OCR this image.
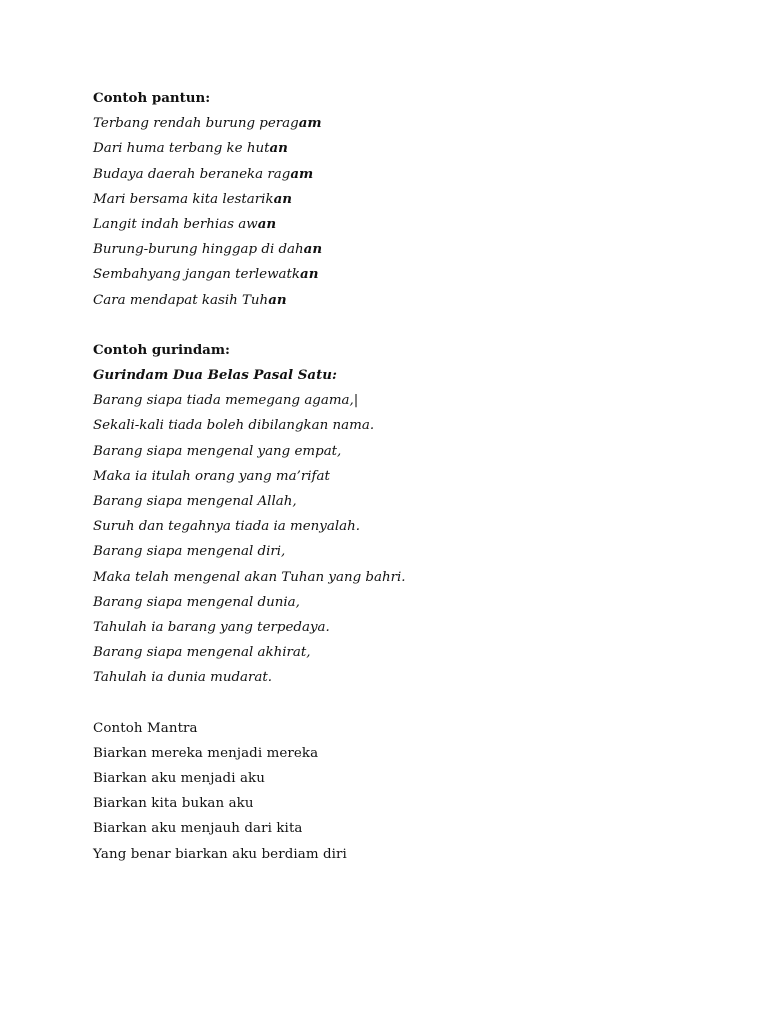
Contoh pantun:
Terbang rendah burung peragam
Dari huma terbang ke hutan
Budaya daerah beraneka ragam
Mari bersama kita lestarikan
Langit indah berhias awan
Burung-burung hinggap di dahan
Sembahyang jangan terlewatkan
Cara mendapat kasih Tuhan
Contoh gurindam:
Gurindam Dua Belas Pasal Satu:
Barang siapa tiada memegang agama,|
Sekali-kali tiada boleh dibilangkan nama.
Barang siapa mengenal yang empat,
Maka ia itulah orang yang ma’rifat
Barang siapa mengenal Allah,
Suruh dan tegahnya tiada ia menyalah.
Barang siapa mengenal diri,
Maka telah mengenal akan Tuhan yang bahri.
Barang siapa mengenal dunia,
Tahulah ia barang yang terpedaya.
Barang siapa mengenal akhirat,
Tahulah ia dunia mudarat.
Contoh Mantra
Biarkan mereka menjadi mereka
Biarkan aku menjadi aku
Biarkan kita bukan aku
Biarkan aku menjauh dari kita
Yang benar biarkan aku berdiam diri
